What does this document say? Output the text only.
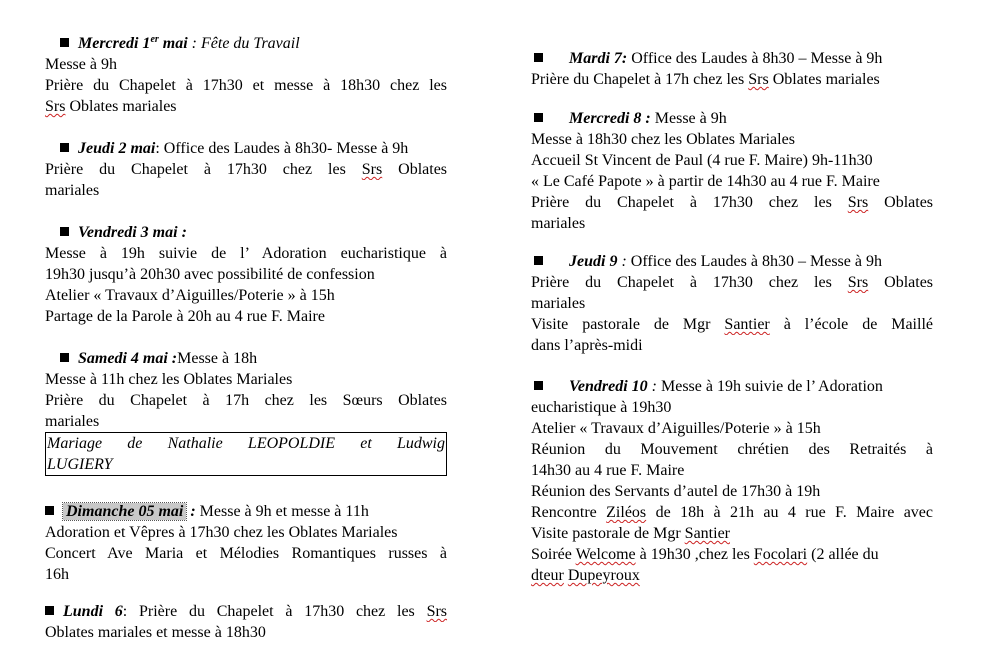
Mercredi 1er mai : Fête du Travail
Messe à 9h
Prière du Chapelet à 17h30 et messe à 18h30 chez les
Srs Oblates mariales
Jeudi 2 mai: Office des Laudes à 8h30- Messe à 9h
Prière du Chapelet à 17h30 chez les Srs Oblates
mariales
Vendredi 3 mai :
Messe à 19h suivie de l’ Adoration eucharistique à
19h30 jusqu’à 20h30 avec possibilité de confession
Atelier « Travaux d’Aiguilles/Poterie » à 15h
Partage de la Parole à 20h au 4 rue F. Maire
Samedi 4 mai :Messe à 18h
Messe à 11h chez les Oblates Mariales
Prière du Chapelet à 17h chez les Sœurs Oblates
mariales
Mariage de Nathalie LEOPOLDIE et Ludwig
LUGIERY
Dimanche 05 mai : Messe à 9h et messe à 11h
Adoration et Vêpres à 17h30 chez les Oblates Mariales
Concert Ave Maria et Mélodies Romantiques russes à
16h
Lundi 6: Prière du Chapelet à 17h30 chez les Srs
Oblates mariales et messe à 18h30
Mardi 7: Office des Laudes à 8h30 – Messe à 9h
Prière du Chapelet à 17h chez les Srs Oblates mariales
Mercredi 8 : Messe à 9h
Messe à 18h30 chez les Oblates Mariales
Accueil St Vincent de Paul (4 rue F. Maire) 9h-11h30
« Le Café Papote » à partir de 14h30 au 4 rue F. Maire
Prière du Chapelet à 17h30 chez les Srs Oblates
mariales
Jeudi 9 : Office des Laudes à 8h30 – Messe à 9h
Prière du Chapelet à 17h30 chez les Srs Oblates
mariales
Visite pastorale de Mgr Santier à l’école de Maillé
dans l’après-midi
Vendredi 10 : Messe à 19h suivie de l’ Adoration
eucharistique à 19h30
Atelier « Travaux d’Aiguilles/Poterie » à 15h
Réunion du Mouvement chrétien des Retraités à
14h30 au 4 rue F. Maire
Réunion des Servants d’autel de 17h30 à 19h
Rencontre Ziléos de 18h à 21h au 4 rue F. Maire avec
Visite pastorale de Mgr Santier
Soirée Welcome à 19h30 ,chez les Focolari (2 allée du
dteur Dupeyroux
